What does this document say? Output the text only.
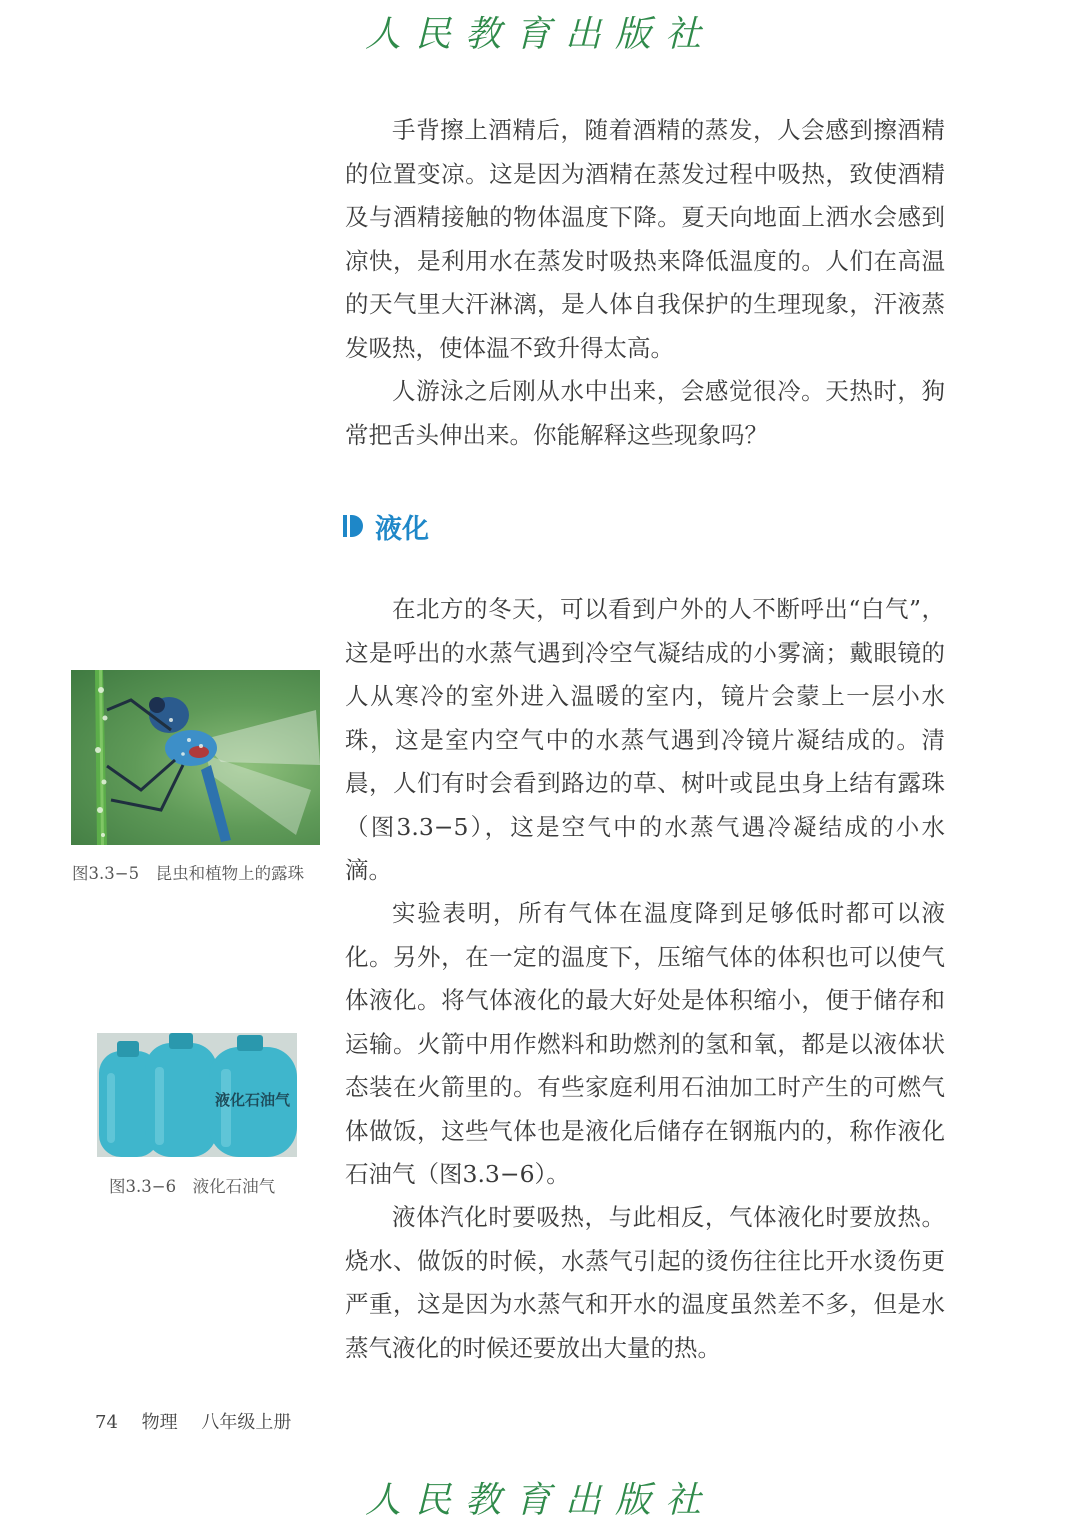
人民教育出版社

手背擦上酒精后，随着酒精的蒸发，人会感到擦酒精的位置变凉。这是因为酒精在蒸发过程中吸热，致使酒精及与酒精接触的物体温度下降。夏天向地面上洒水会感到凉快，是利用水在蒸发时吸热来降低温度的。人们在高温的天气里大汗淋漓，是人体自我保护的生理现象，汗液蒸发吸热，使体温不致升得太高。

人游泳之后刚从水中出来，会感觉很冷。天热时，狗常把舌头伸出来。你能解释这些现象吗？

液化

在北方的冬天，可以看到户外的人不断呼出“白气”，这是呼出的水蒸气遇到冷空气凝结成的小雾滴；戴眼镜的人从寒冷的室外进入温暖的室内，镜片会蒙上一层小水珠，这是室内空气中的水蒸气遇到冷镜片凝结成的。清晨，人们有时会看到路边的草、树叶或昆虫身上结有露珠（图3.3−5），这是空气中的水蒸气遇冷凝结成的小水滴。

实验表明，所有气体在温度降到足够低时都可以液化。另外，在一定的温度下，压缩气体的体积也可以使气体液化。将气体液化的最大好处是体积缩小，便于储存和运输。火箭中用作燃料和助燃剂的氢和氧，都是以液体状态装在火箭里的。有些家庭利用石油加工时产生的可燃气体做饭，这些气体也是液化后储存在钢瓶内的，称作液化石油气（图3.3−6）。

液体汽化时要吸热，与此相反，气体液化时要放热。烧水、做饭的时候，水蒸气引起的烫伤往往比开水烫伤更严重，这是因为水蒸气和开水的温度虽然差不多，但是水蒸气液化的时候还要放出大量的热。

图3.3−5　昆虫和植物上的露珠
液化石油气
图3.3−6　液化石油气
74 物理 八年级上册
人民教育出版社
